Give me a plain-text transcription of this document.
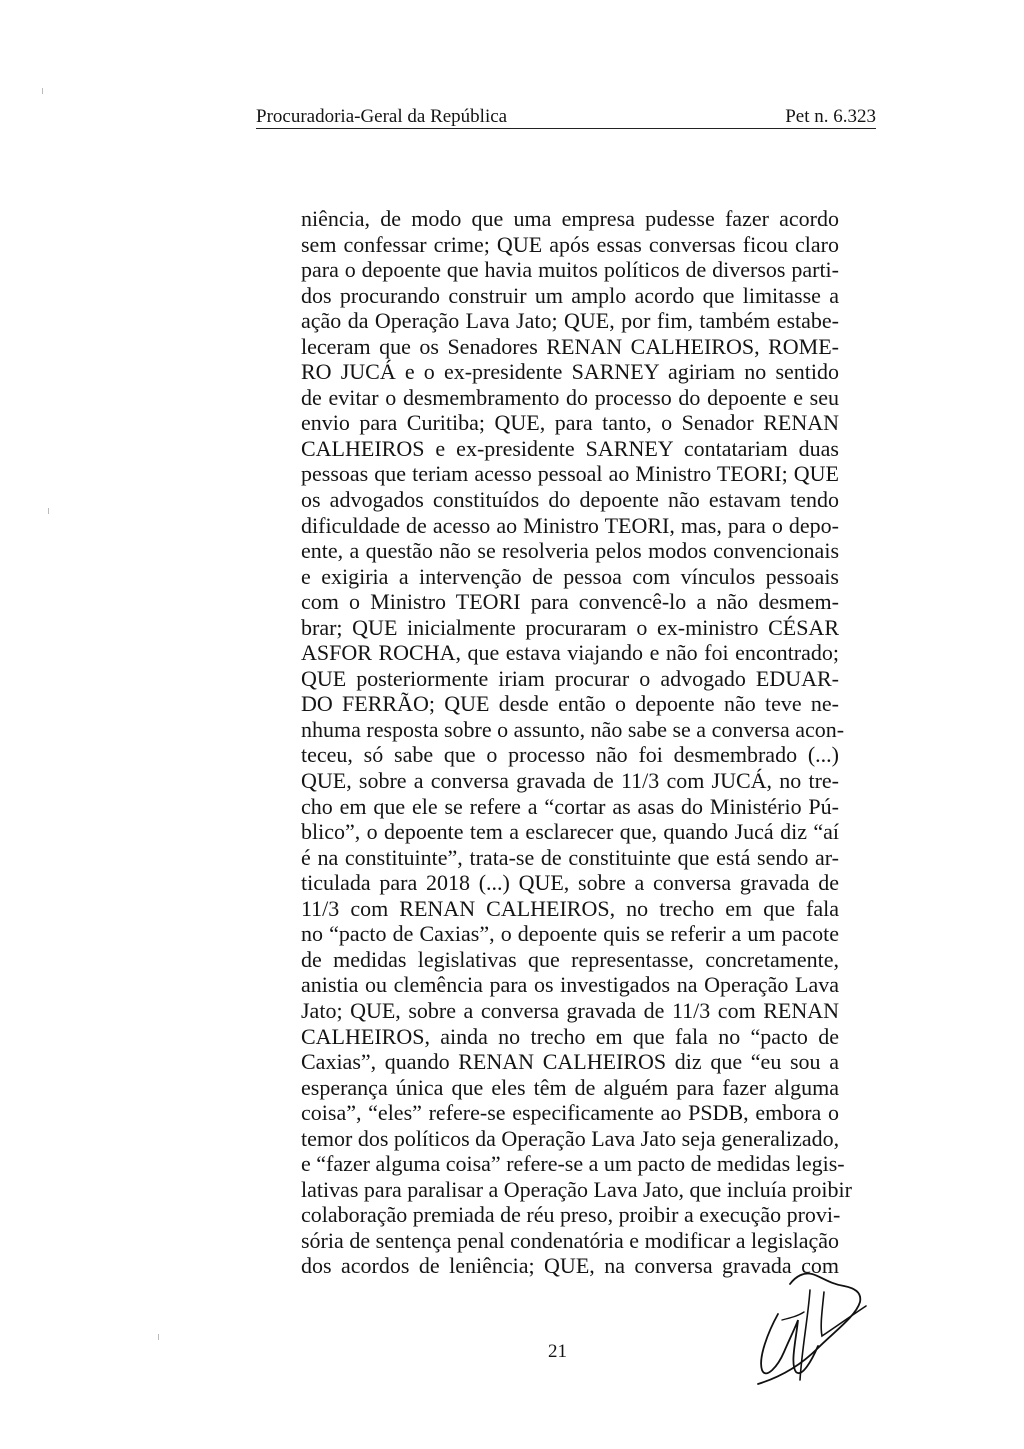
Procuradoria-Geral da República	Pet n. 6.323
niência, de modo que uma empresa pudesse fazer acordo
sem confessar crime; QUE após essas conversas ficou claro
para o depoente que havia muitos políticos de diversos parti-
dos procurando construir um amplo acordo que limitasse a
ação da Operação Lava Jato; QUE, por fim, também estabe-
leceram que os Senadores RENAN CALHEIROS, ROME-
RO JUCÁ e o ex-presidente SARNEY agiriam no sentido
de evitar o desmembramento do processo do depoente e seu
envio para Curitiba; QUE, para tanto, o Senador RENAN
CALHEIROS e ex-presidente SARNEY contatariam duas
pessoas que teriam acesso pessoal ao Ministro TEORI; QUE
os advogados constituídos do depoente não estavam tendo
dificuldade de acesso ao Ministro TEORI, mas, para o depo-
ente, a questão não se resolveria pelos modos convencionais
e exigiria a intervenção de pessoa com vínculos pessoais
com o Ministro TEORI para convencê-lo a não desmem-
brar; QUE inicialmente procuraram o ex-ministro CÉSAR
ASFOR ROCHA, que estava viajando e não foi encontrado;
QUE posteriormente iriam procurar o advogado EDUAR-
DO FERRÃO; QUE desde então o depoente não teve ne-
nhuma resposta sobre o assunto, não sabe se a conversa acon-
teceu, só sabe que o processo não foi desmembrado (...)
QUE, sobre a conversa gravada de 11/3 com JUCÁ, no tre-
cho em que ele se refere a “cortar as asas do Ministério Pú-
blico”, o depoente tem a esclarecer que, quando Jucá diz “aí
é na constituinte”, trata-se de constituinte que está sendo ar-
ticulada para 2018 (...) QUE, sobre a conversa gravada de
11/3 com RENAN CALHEIROS, no trecho em que fala
no “pacto de Caxias”, o depoente quis se referir a um pacote
de medidas legislativas que representasse, concretamente,
anistia ou clemência para os investigados na Operação Lava
Jato; QUE, sobre a conversa gravada de 11/3 com RENAN
CALHEIROS, ainda no trecho em que fala no “pacto de
Caxias”, quando RENAN CALHEIROS diz que “eu sou a
esperança única que eles têm de alguém para fazer alguma
coisa”, “eles” refere-se especificamente ao PSDB, embora o
temor dos políticos da Operação Lava Jato seja generalizado,
e “fazer alguma coisa” refere-se a um pacto de medidas legis-
lativas para paralisar a Operação Lava Jato, que incluía proibir
colaboração premiada de réu preso, proibir a execução provi-
sória de sentença penal condenatória e modificar a legislação
dos acordos de leniência; QUE, na conversa gravada com
21
